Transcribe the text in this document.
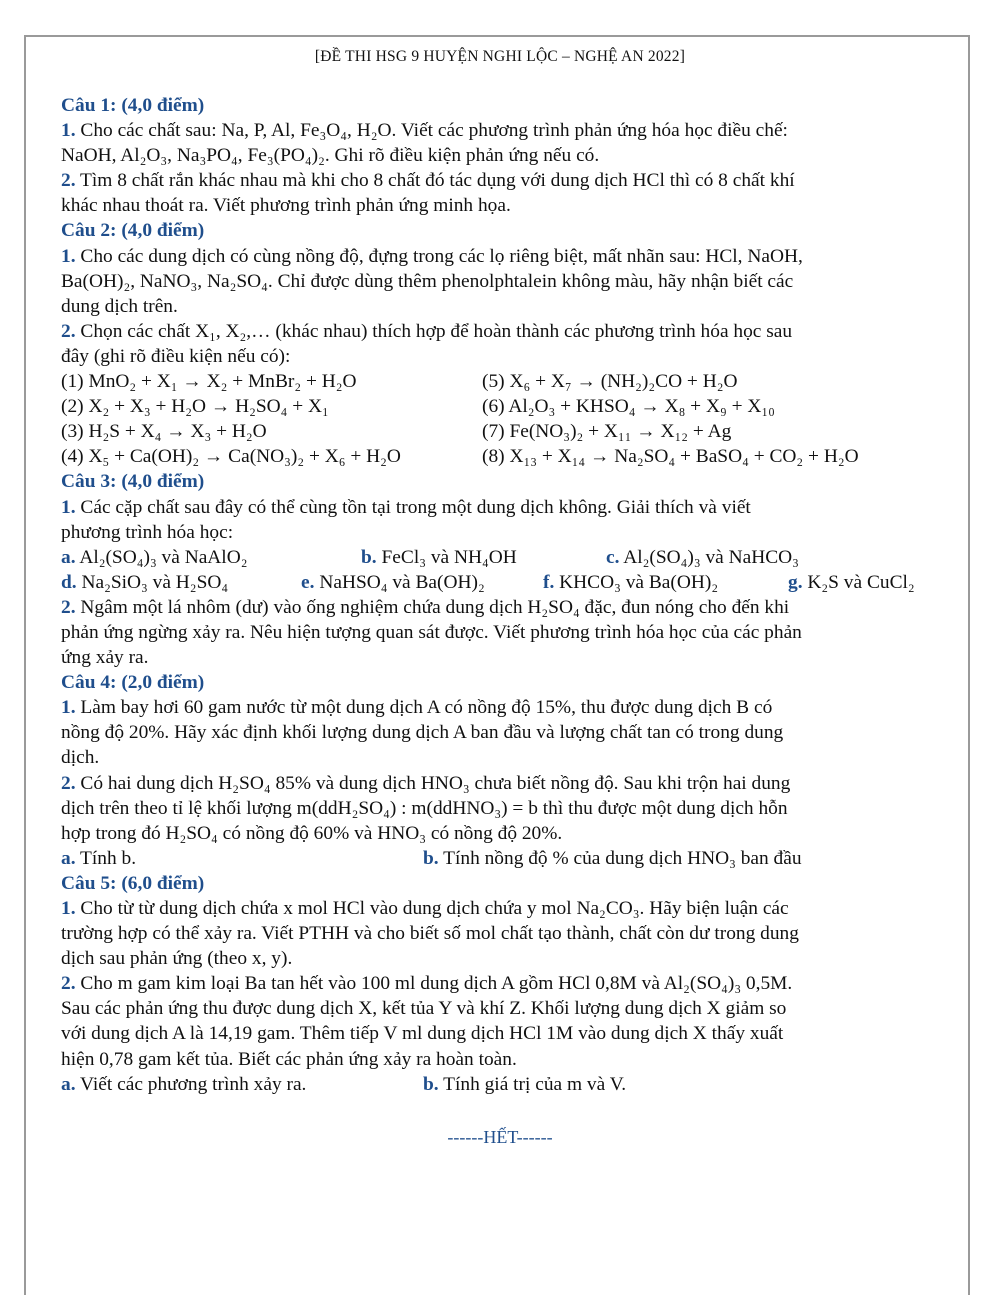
[ĐỀ THI HSG 9 HUYỆN NGHI LỘC – NGHỆ AN 2022]
Câu 1: (4,0 điểm)
1. Cho các chất sau: Na, P, Al, Fe₃O₄, H₂O. Viết các phương trình phản ứng hóa học điều chế:
NaOH, Al₂O₃, Na₃PO₄, Fe₃(PO₄)₂. Ghi rõ điều kiện phản ứng nếu có.
2. Tìm 8 chất rắn khác nhau mà khi cho 8 chất đó tác dụng với dung dịch HCl thì có 8 chất khí
khác nhau thoát ra. Viết phương trình phản ứng minh họa.
Câu 2: (4,0 điểm)
1. Cho các dung dịch có cùng nồng độ, đựng trong các lọ riêng biệt, mất nhãn sau: HCl, NaOH,
Ba(OH)₂, NaNO₃, Na₂SO₄. Chỉ được dùng thêm phenolphtalein không màu, hãy nhận biết các
dung dịch trên.
2. Chọn các chất X₁, X₂,… (khác nhau) thích hợp để hoàn thành các phương trình hóa học sau
đây (ghi rõ điều kiện nếu có):
(1) MnO₂ + X₁ → X₂ + MnBr₂ + H₂O	(5) X₆ + X₇ → (NH₂)₂CO + H₂O
(2) X₂ + X₃ + H₂O → H₂SO₄ + X₁	(6) Al₂O₃ + KHSO₄ → X₈ + X₉ + X₁₀
(3) H₂S + X₄ → X₃ + H₂O	(7) Fe(NO₃)₂ + X₁₁ → X₁₂ + Ag
(4) X₅ + Ca(OH)₂ → Ca(NO₃)₂ + X₆ + H₂O	(8) X₁₃ + X₁₄ → Na₂SO₄ + BaSO₄ + CO₂ + H₂O
Câu 3: (4,0 điểm)
1. Các cặp chất sau đây có thể cùng tồn tại trong một dung dịch không. Giải thích và viết
phương trình hóa học:
a. Al₂(SO₄)₃ và NaAlO₂	b. FeCl₃ và NH₄OH	c. Al₂(SO₄)₃ và NaHCO₃
d. Na₂SiO₃ và H₂SO₄	e. NaHSO₄ và Ba(OH)₂	f. KHCO₃ và Ba(OH)₂	g. K₂S và CuCl₂
2. Ngâm một lá nhôm (dư) vào ống nghiệm chứa dung dịch H₂SO₄ đặc, đun nóng cho đến khi
phản ứng ngừng xảy ra. Nêu hiện tượng quan sát được. Viết phương trình hóa học của các phản
ứng xảy ra.
Câu 4: (2,0 điểm)
1. Làm bay hơi 60 gam nước từ một dung dịch A có nồng độ 15%, thu được dung dịch B có
nồng độ 20%. Hãy xác định khối lượng dung dịch A ban đầu và lượng chất tan có trong dung
dịch.
2. Có hai dung dịch H₂SO₄ 85% và dung dịch HNO₃ chưa biết nồng độ. Sau khi trộn hai dung
dịch trên theo tỉ lệ khối lượng m(ddH₂SO₄) : m(ddHNO₃) = b thì thu được một dung dịch hỗn
hợp trong đó H₂SO₄ có nồng độ 60% và HNO₃ có nồng độ 20%.
a. Tính b.	b. Tính nồng độ % của dung dịch HNO₃ ban đầu
Câu 5: (6,0 điểm)
1. Cho từ từ dung dịch chứa x mol HCl vào dung dịch chứa y mol Na₂CO₃. Hãy biện luận các
trường hợp có thể xảy ra. Viết PTHH và cho biết số mol chất tạo thành, chất còn dư trong dung
dịch sau phản ứng (theo x, y).
2. Cho m gam kim loại Ba tan hết vào 100 ml dung dịch A gồm HCl 0,8M và Al₂(SO₄)₃ 0,5M.
Sau các phản ứng thu được dung dịch X, kết tủa Y và khí Z. Khối lượng dung dịch X giảm so
với dung dịch A là 14,19 gam. Thêm tiếp V ml dung dịch HCl 1M vào dung dịch X thấy xuất
hiện 0,78 gam kết tủa. Biết các phản ứng xảy ra hoàn toàn.
a. Viết các phương trình xảy ra.	b. Tính giá trị của m và V.
------HẾT------
